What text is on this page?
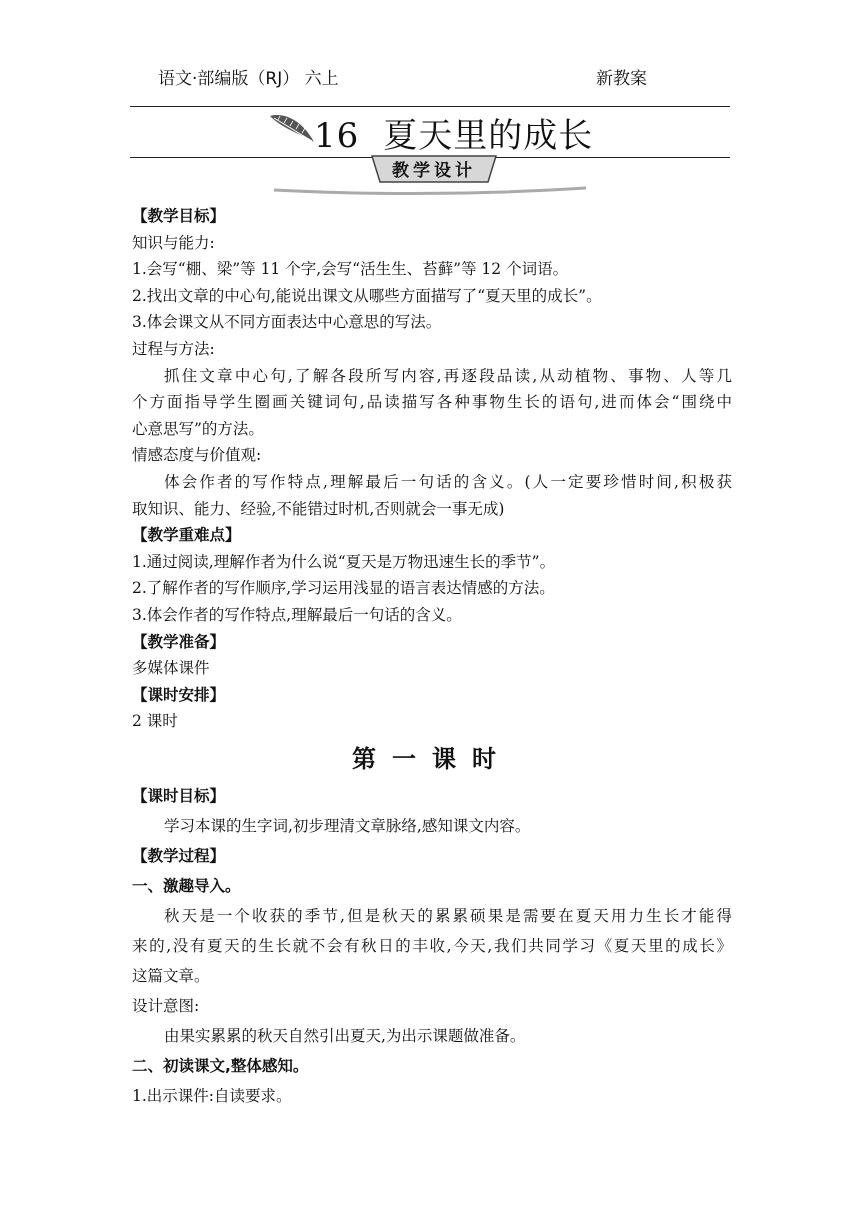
语文·部编版（RJ） 六上	新教案
16 夏天里的成长
教学设计
【教学目标】
知识与能力:
1.会写“棚、梁”等 11 个字,会写“活生生、苔藓”等 12 个词语。
2.找出文章的中心句,能说出课文从哪些方面描写了“夏天里的成长”。
3.体会课文从不同方面表达中心意思的写法。
过程与方法:
抓住文章中心句,了解各段所写内容,再逐段品读,从动植物、事物、人等几
个方面指导学生圈画关键词句,品读描写各种事物生长的语句,进而体会“围绕中
心意思写”的方法。
情感态度与价值观:
体会作者的写作特点,理解最后一句话的含义。(人一定要珍惜时间,积极获
取知识、能力、经验,不能错过时机,否则就会一事无成)
【教学重难点】
1.通过阅读,理解作者为什么说“夏天是万物迅速生长的季节”。
2.了解作者的写作顺序,学习运用浅显的语言表达情感的方法。
3.体会作者的写作特点,理解最后一句话的含义。
【教学准备】
多媒体课件
【课时安排】
2 课时
第一课时
【课时目标】
学习本课的生字词,初步理清文章脉络,感知课文内容。
【教学过程】
一、激趣导入。
秋天是一个收获的季节,但是秋天的累累硕果是需要在夏天用力生长才能得
来的,没有夏天的生长就不会有秋日的丰收,今天,我们共同学习《夏天里的成长》
这篇文章。
设计意图:
由果实累累的秋天自然引出夏天,为出示课题做准备。
二、初读课文,整体感知。
1.出示课件:自读要求。
